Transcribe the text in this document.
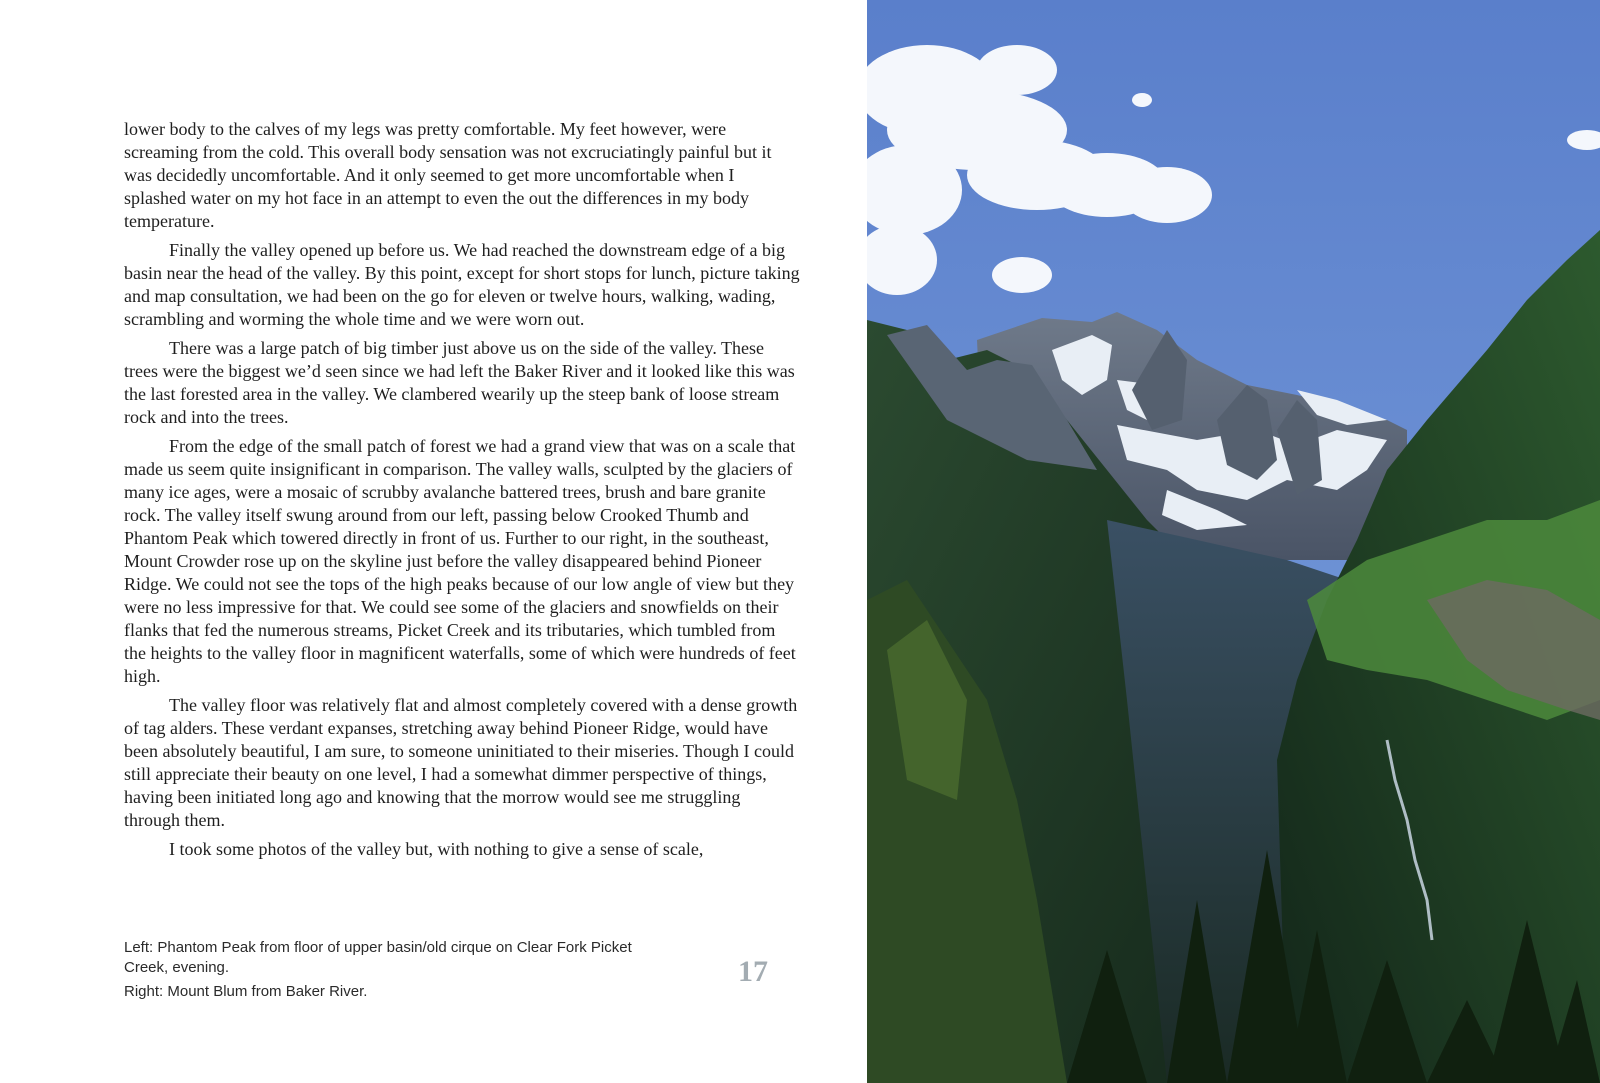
lower body to the calves of my legs was pretty comfortable. My feet however, were screaming from the cold. This overall body sensation was not excruciatingly painful but it was decidedly uncomfortable. And it only seemed to get more uncomfortable when I splashed water on my hot face in an attempt to even the out the differences in my body temperature.

Finally the valley opened up before us. We had reached the downstream edge of a big basin near the head of the valley. By this point, except for short stops for lunch, picture taking and map consultation, we had been on the go for eleven or twelve hours, walking, wading, scrambling and worming the whole time and we were worn out.

There was a large patch of big timber just above us on the side of the valley. These trees were the biggest we’d seen since we had left the Baker River and it looked like this was the last forested area in the valley. We clambered wearily up the steep bank of loose stream rock and into the trees.

From the edge of the small patch of forest we had a grand view that was on a scale that made us seem quite insignificant in comparison. The valley walls, sculpted by the glaciers of many ice ages, were a mosaic of scrubby avalanche battered trees, brush and bare granite rock. The valley itself swung around from our left, passing below Crooked Thumb and Phantom Peak which towered directly in front of us. Further to our right, in the southeast, Mount Crowder rose up on the skyline just before the valley disappeared behind Pioneer Ridge. We could not see the tops of the high peaks because of our low angle of view but they were no less impressive for that. We could see some of the glaciers and snowfields on their flanks that fed the numerous streams, Picket Creek and its tributaries, which tumbled from the heights to the valley floor in magnificent waterfalls, some of which were hundreds of feet high.

The valley floor was relatively flat and almost completely covered with a dense growth of tag alders. These verdant expanses, stretching away behind Pioneer Ridge, would have been absolutely beautiful, I am sure, to someone uninitiated to their miseries. Though I could still appreciate their beauty on one level, I had a somewhat dimmer perspective of things, having been initiated long ago and knowing that the morrow would see me struggling through them.

I took some photos of the valley but, with nothing to give a sense of scale,

Left: Phantom Peak from floor of upper basin/old cirque on Clear Fork Picket Creek, evening.
Right: Mount Blum from Baker River.
17
